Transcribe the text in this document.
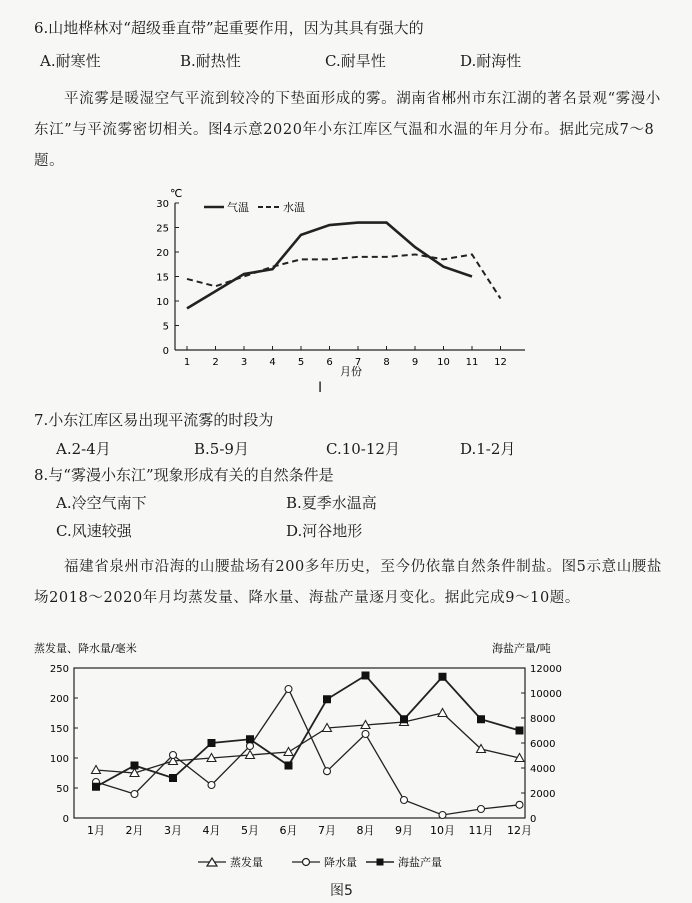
6.山地桦林对“超级垂直带”起重要作用，因为其具有强大的
A.耐寒性	B.耐热性	C.耐旱性	D.耐海性
平流雾是暖湿空气平流到较冷的下垫面形成的雾。湖南省郴州市东江湖的著名景观“雾漫小东江”与平流雾密切相关。图4示意2020年小东江库区气温和水温的年月分布。据此完成7～8题。
℃
0
5
10
15
20
25
30
1 2 3 4 5 6 7 8 9 10 11 12
气温	水温
月份
I
7.小东江库区易出现平流雾的时段为
A.2-4月	B.5-9月	C.10-12月	D.1-2月
8.与“雾漫小东江”现象形成有关的自然条件是
A.冷空气南下	B.夏季水温高
C.风速较强	D.河谷地形
福建省泉州市沿海的山腰盐场有200多年历史，至今仍依靠自然条件制盐。图5示意山腰盐场2018～2020年月均蒸发量、降水量、海盐产量逐月变化。据此完成9～10题。
蒸发量、降水量/毫米	海盐产量/吨
0
50
100
150
200
250
0
2000
4000
6000
8000
10000
12000
1月 2月 3月 4月 5月 6月 7月 8月 9月 10月 11月 12月
蒸发量	降水量	海盐产量
图5
